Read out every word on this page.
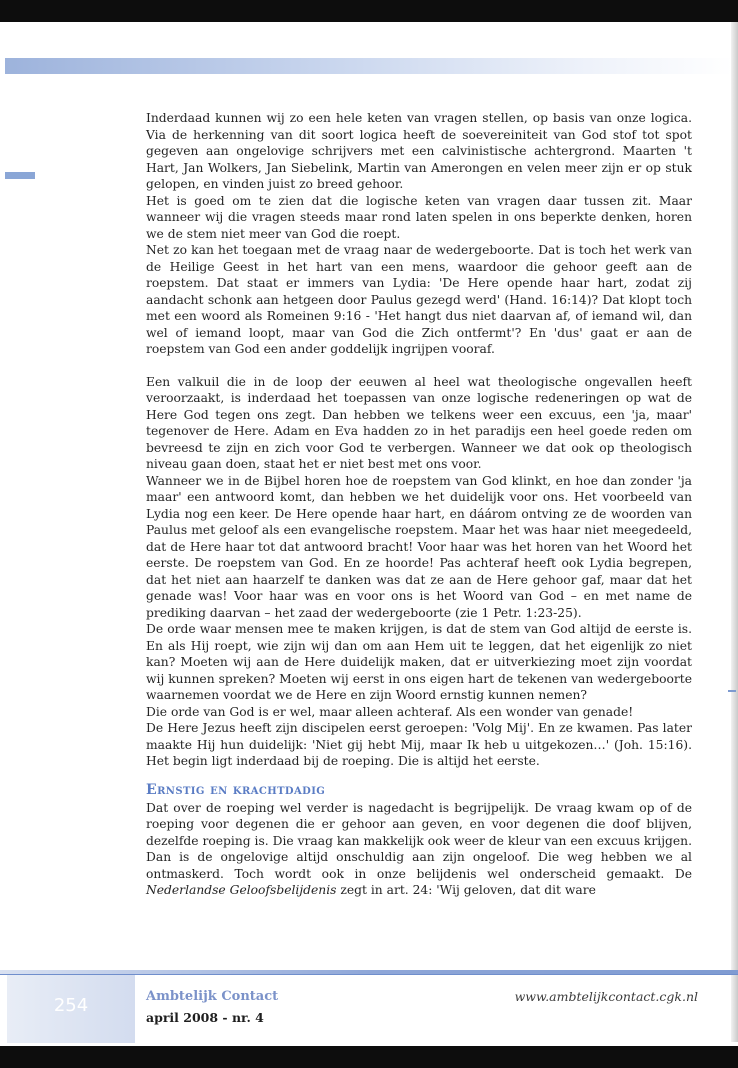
Inderdaad kunnen wij zo een hele keten van vragen stellen, op basis van onze logica. Via de herkenning van dit soort logica heeft de soevereiniteit van God stof tot spot gegeven aan ongelovige schrijvers met een calvinistische achtergrond. Maarten 't Hart, Jan Wolkers, Jan Siebelink, Martin van Amerongen en velen meer zijn er op stuk gelopen, en vinden juist zo breed gehoor.

Het is goed om te zien dat die logische keten van vragen daar tussen zit. Maar wanneer wij die vragen steeds maar rond laten spelen in ons beperkte denken, horen we de stem niet meer van God die roept.

Net zo kan het toegaan met de vraag naar de wedergeboorte. Dat is toch het werk van de Heilige Geest in het hart van een mens, waardoor die gehoor geeft aan de roepstem. Dat staat er immers van Lydia: 'De Here opende haar hart, zodat zij aandacht schonk aan hetgeen door Paulus gezegd werd' (Hand. 16:14)? Dat klopt toch met een woord als Romeinen 9:16 - 'Het hangt dus niet daarvan af, of iemand wil, dan wel of iemand loopt, maar van God die Zich ontfermt'? En 'dus' gaat er aan de roepstem van God een ander goddelijk ingrijpen vooraf.

Een valkuil die in de loop der eeuwen al heel wat theologische ongevallen heeft veroorzaakt, is inderdaad het toepassen van onze logische redeneringen op wat de Here God tegen ons zegt. Dan hebben we telkens weer een excuus, een 'ja, maar' tegenover de Here. Adam en Eva hadden zo in het paradijs een heel goede reden om bevreesd te zijn en zich voor God te verbergen. Wanneer we dat ook op theologisch niveau gaan doen, staat het er niet best met ons voor.

Wanneer we in de Bijbel horen hoe de roepstem van God klinkt, en hoe dan zonder 'ja maar' een antwoord komt, dan hebben we het duidelijk voor ons. Het voorbeeld van Lydia nog een keer. De Here opende haar hart, en dáárom ontving ze de woorden van Paulus met geloof als een evangelische roepstem. Maar het was haar niet meegedeeld, dat de Here haar tot dat antwoord bracht! Voor haar was het horen van het Woord het eerste. De roepstem van God. En ze hoorde! Pas achteraf heeft ook Lydia begrepen, dat het niet aan haarzelf te danken was dat ze aan de Here gehoor gaf, maar dat het genade was! Voor haar was en voor ons is het Woord van God – en met name de prediking daarvan – het zaad der wedergeboorte (zie 1 Petr. 1:23-25).

De orde waar mensen mee te maken krijgen, is dat de stem van God altijd de eerste is. En als Hij roept, wie zijn wij dan om aan Hem uit te leggen, dat het eigenlijk zo niet kan? Moeten wij aan de Here duidelijk maken, dat er uitverkiezing moet zijn voordat wij kunnen spreken? Moeten wij eerst in ons eigen hart de tekenen van wedergeboorte waarnemen voordat we de Here en zijn Woord ernstig kunnen nemen?

Die orde van God is er wel, maar alleen achteraf. Als een wonder van genade!

De Here Jezus heeft zijn discipelen eerst geroepen: 'Volg Mij'. En ze kwamen. Pas later maakte Hij hun duidelijk: 'Niet gij hebt Mij, maar Ik heb u uitgekozen…' (Joh. 15:16). Het begin ligt inderdaad bij de roeping. Die is altijd het eerste.

Ernstig en krachtdadig

Dat over de roeping wel verder is nagedacht is begrijpelijk. De vraag kwam op of de roeping voor degenen die er gehoor aan geven, en voor degenen die doof blijven, dezelfde roeping is. Die vraag kan makkelijk ook weer de kleur van een excuus krijgen. Dan is de ongelovige altijd onschuldig aan zijn ongeloof. Die weg hebben we al ontmaskerd. Toch wordt ook in onze belijdenis wel onderscheid gemaakt. De Nederlandse Geloofsbelijdenis zegt in art. 24: 'Wij geloven, dat dit ware

254	Ambtelijk Contact
april 2008 - nr. 4
www.ambtelijkcontact.cgk.nl
